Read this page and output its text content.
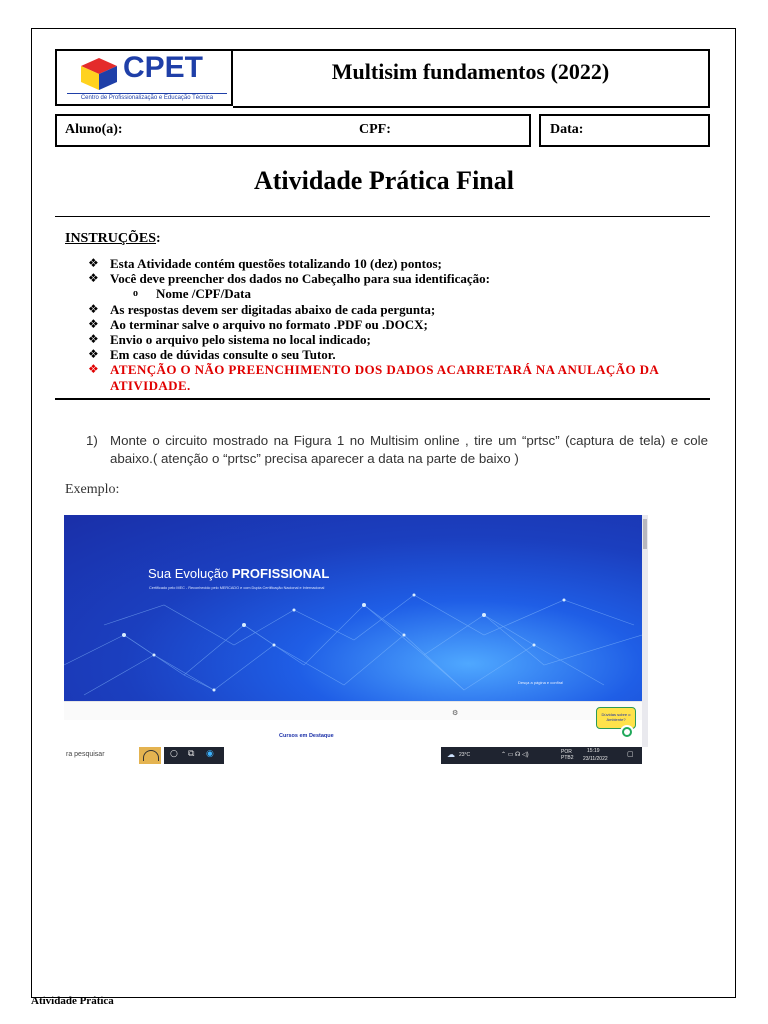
CPET
Centro de Profissionalização e Educação Técnica
Multisim fundamentos (2022)
Aluno(a):	CPF:	Data:
Atividade Prática Final
INSTRUÇÕES:
❖ Esta Atividade contém questões totalizando 10 (dez) pontos;
❖ Você deve preencher dos dados no Cabeçalho para sua identificação:
o Nome /CPF/Data
❖ As respostas devem ser digitadas abaixo de cada pergunta;
❖ Ao terminar salve o arquivo no formato .PDF ou .DOCX;
❖ Envio o arquivo pelo sistema no local indicado;
❖ Em caso de dúvidas consulte o seu Tutor.
❖ ATENÇÃO O NÃO PREENCHIMENTO DOS DADOS ACARRETARÁ NA ANULAÇÃO DA ATIVIDADE.
1) Monte o circuito mostrado na Figura 1 no Multisim online , tire um “prtsc” (captura de tela) e cole abaixo.( atenção o “prtsc” precisa aparecer a data na parte de baixo )
Exemplo:
Sua Evolução PROFISSIONAL
Certificado pelo MEC - Reconhecido pelo MERCADO e com Dupla Certificação Nacional e Internacional
Desça a página e confira!
⚙
Cursos em Destaque
Dúvidas sobre o Ambiente?
ra pesquisar	○ ⧉ ◉	☁ 23°C	⌃ ▭ ☊ ◁)	POR PTB2
15:19
23/11/2022
▢
Atividade Prática
